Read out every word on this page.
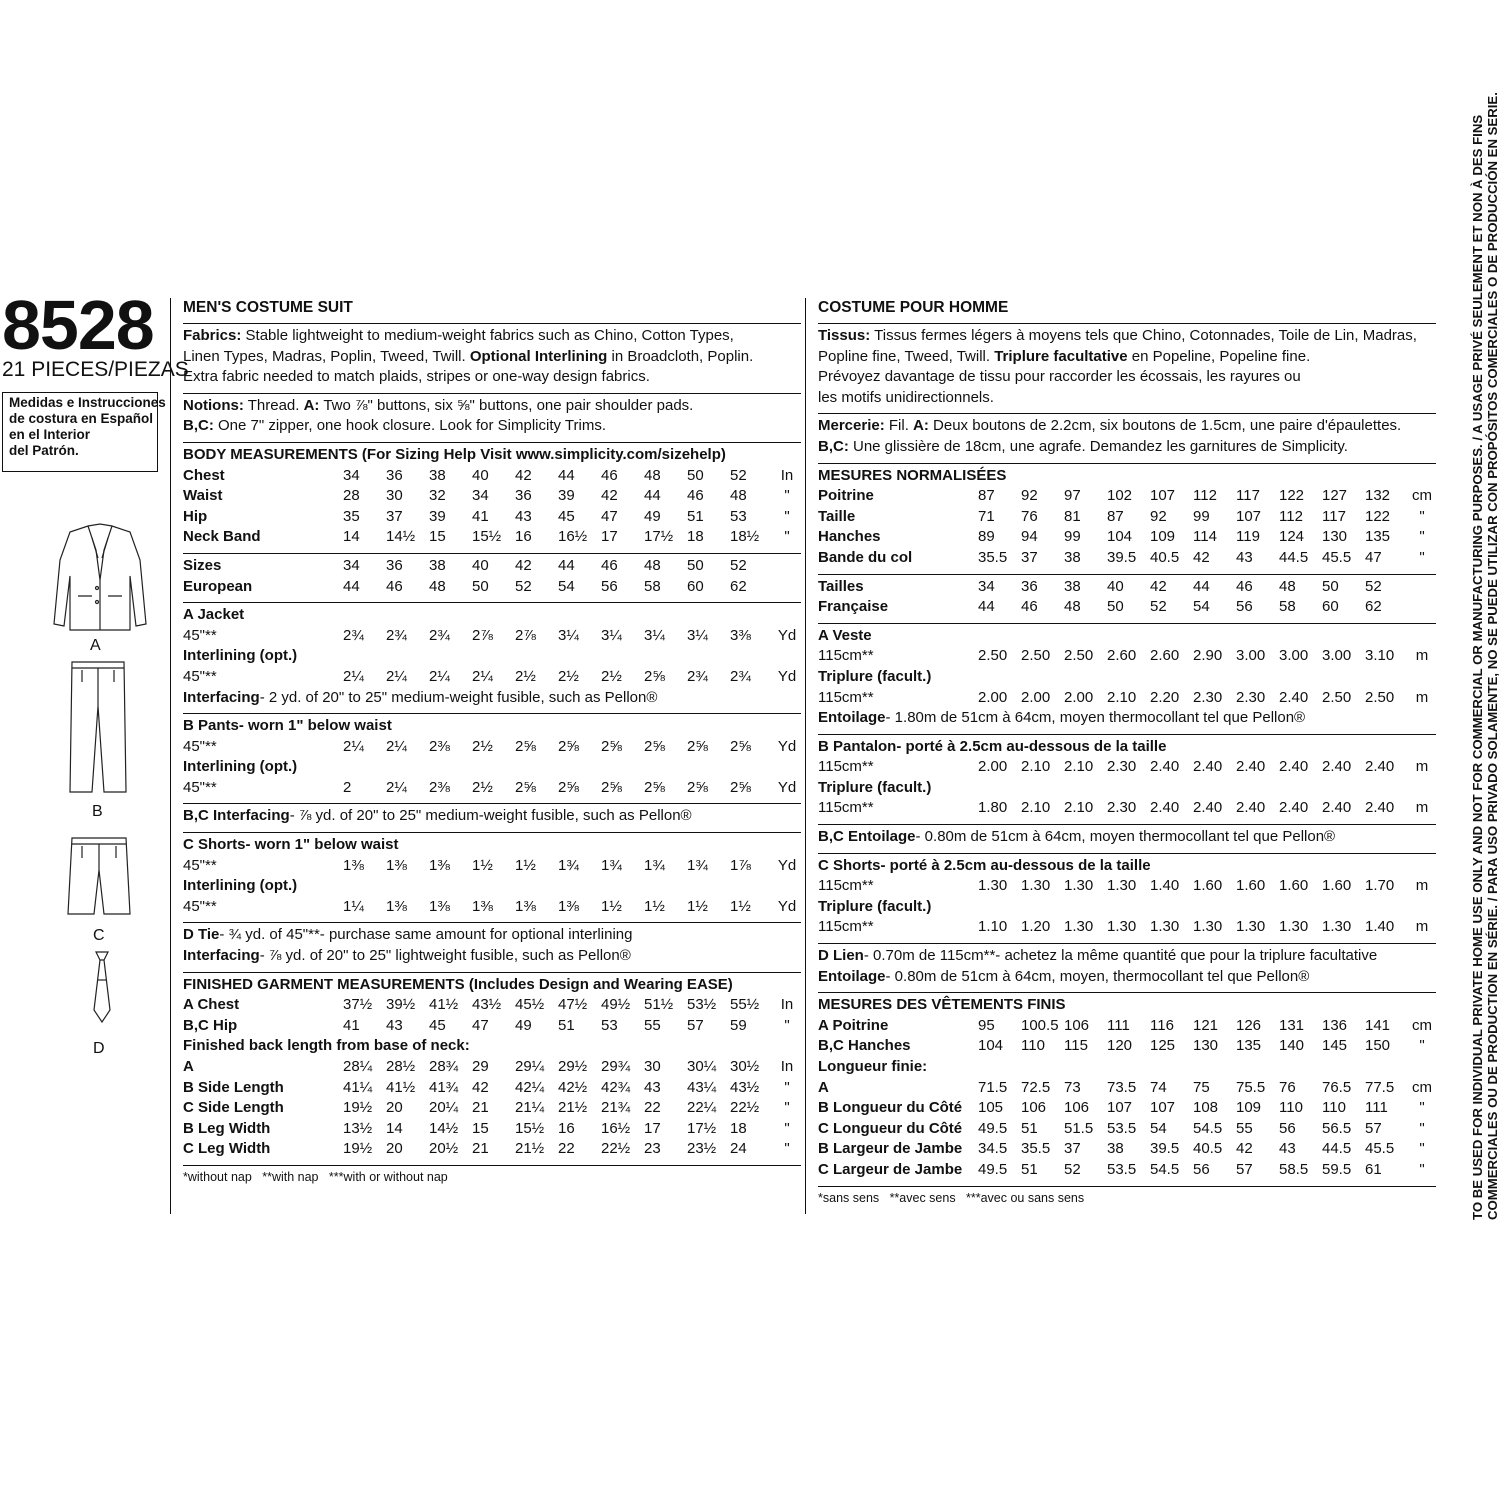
8528
21 PIECES/PIEZAS
Medidas e Instrucciones
de costura en Español
en el Interior
del Patrón.
A
B
C
D
MEN'S COSTUME SUIT
Fabrics: Stable lightweight to medium-weight fabrics such as Chino, Cotton Types,
Linen Types, Madras, Poplin, Tweed, Twill. Optional Interlining in Broadcloth, Poplin.
Extra fabric needed to match plaids, stripes or one-way design fabrics.
Notions: Thread. A: Two ⅞" buttons, six ⅝" buttons, one pair shoulder pads.
B,C: One 7" zipper, one hook closure. Look for Simplicity Trims.
BODY MEASUREMENTS (For Sizing Help Visit www.simplicity.com/sizehelp)
Chest	34	36	38	40	42	44	46	48	50	52	In
Waist	28	30	32	34	36	39	42	44	46	48	"
Hip	35	37	39	41	43	45	47	49	51	53	"
Neck Band	14	14½	15	15½	16	16½	17	17½	18	18½	"
Sizes	34	36	38	40	42	44	46	48	50	52	
European	44	46	48	50	52	54	56	58	60	62	
A Jacket
45"**	2¾	2¾	2¾	2⅞	2⅞	3¼	3¼	3¼	3¼	3⅜	Yd
Interlining (opt.)											
45"**	2¼	2¼	2¼	2¼	2½	2½	2½	2⅝	2¾	2¾	Yd
Interfacing- 2 yd. of 20" to 25" medium-weight fusible, such as Pellon®
B Pants- worn 1" below waist
45"**	2¼	2¼	2⅜	2½	2⅝	2⅝	2⅝	2⅝	2⅝	2⅝	Yd
Interlining (opt.)											
45"**	2	2¼	2⅜	2½	2⅝	2⅝	2⅝	2⅝	2⅝	2⅝	Yd
B,C Interfacing- ⅞ yd. of 20" to 25" medium-weight fusible, such as Pellon®
C Shorts- worn 1" below waist
45"**	1⅜	1⅜	1⅜	1½	1½	1¾	1¾	1¾	1¾	1⅞	Yd
Interlining (opt.)											
45"**	1¼	1⅜	1⅜	1⅜	1⅜	1⅜	1½	1½	1½	1½	Yd
D Tie- ¾ yd. of 45"**- purchase same amount for optional interlining
Interfacing- ⅞ yd. of 20" to 25" lightweight fusible, such as Pellon®
FINISHED GARMENT MEASUREMENTS (Includes Design and Wearing EASE)
A Chest	37½	39½	41½	43½	45½	47½	49½	51½	53½	55½	In
B,C Hip	41	43	45	47	49	51	53	55	57	59	"
Finished back length from base of neck:											
A	28¼	28½	28¾	29	29¼	29½	29¾	30	30¼	30½	In
B Side Length	41¼	41½	41¾	42	42¼	42½	42¾	43	43¼	43½	"
C Side Length	19½	20	20¼	21	21¼	21½	21¾	22	22¼	22½	"
B Leg Width	13½	14	14½	15	15½	16	16½	17	17½	18	"
C Leg Width	19½	20	20½	21	21½	22	22½	23	23½	24	"
*without nap   **with nap   ***with or without nap
COSTUME POUR HOMME
Tissus: Tissus fermes légers à moyens tels que Chino, Cotonnades, Toile de Lin, Madras,
Popline fine, Tweed, Twill. Triplure facultative en Popeline, Popeline fine.
Prévoyez davantage de tissu pour raccorder les écossais, les rayures ou
les motifs unidirectionnels.
Mercerie: Fil. A: Deux boutons de 2.2cm, six boutons de 1.5cm, une paire d'épaulettes.
B,C: Une glissière de 18cm, une agrafe. Demandez les garnitures de Simplicity.
MESURES NORMALISÉES
Poitrine	87	92	97	102	107	112	117	122	127	132	cm
Taille	71	76	81	87	92	99	107	112	117	122	"
Hanches	89	94	99	104	109	114	119	124	130	135	"
Bande du col	35.5	37	38	39.5	40.5	42	43	44.5	45.5	47	"
Tailles	34	36	38	40	42	44	46	48	50	52	
Française	44	46	48	50	52	54	56	58	60	62	
A Veste
115cm**	2.50	2.50	2.50	2.60	2.60	2.90	3.00	3.00	3.00	3.10	m
Triplure (facult.)											
115cm**	2.00	2.00	2.00	2.10	2.20	2.30	2.30	2.40	2.50	2.50	m
Entoilage- 1.80m de 51cm à 64cm, moyen thermocollant tel que Pellon®
B Pantalon- porté à 2.5cm au-dessous de la taille
115cm**	2.00	2.10	2.10	2.30	2.40	2.40	2.40	2.40	2.40	2.40	m
Triplure (facult.)											
115cm**	1.80	2.10	2.10	2.30	2.40	2.40	2.40	2.40	2.40	2.40	m
B,C Entoilage- 0.80m de 51cm à 64cm, moyen thermocollant tel que Pellon®
C Shorts- porté à 2.5cm au-dessous de la taille
115cm**	1.30	1.30	1.30	1.30	1.40	1.60	1.60	1.60	1.60	1.70	m
Triplure (facult.)											
115cm**	1.10	1.20	1.30	1.30	1.30	1.30	1.30	1.30	1.30	1.40	m
D Lien- 0.70m de 115cm**- achetez la même quantité que pour la triplure facultative
Entoilage- 0.80m de 51cm à 64cm, moyen, thermocollant tel que Pellon®
MESURES DES VÊTEMENTS FINIS
A Poitrine	95	100.5	106	111	116	121	126	131	136	141	cm
B,C Hanches	104	110	115	120	125	130	135	140	145	150	"
Longueur finie:											
A	71.5	72.5	73	73.5	74	75	75.5	76	76.5	77.5	cm
B Longueur du Côté	105	106	106	107	107	108	109	110	110	111	"
C Longueur du Côté	49.5	51	51.5	53.5	54	54.5	55	56	56.5	57	"
B Largeur de Jambe	34.5	35.5	37	38	39.5	40.5	42	43	44.5	45.5	"
C Largeur de Jambe	49.5	51	52	53.5	54.5	56	57	58.5	59.5	61	"
*sans sens   **avec sens   ***avec ou sans sens	TO BE USED FOR INDIVIDUAL PRIVATE HOME USE ONLY AND NOT FOR COMMERCIAL OR MANUFACTURING PURPOSES. / A USAGE PRIVÉ SEULEMENT ET NON À DES FINS COMMERCIALES OU DE PRODUCTION EN SÉRIE. / PARA USO PRIVADO SOLAMENTE, NO SE PUEDE UTILIZAR CON PROPÓSITOS COMERCIALES O DE PRODUCCIÓN EN SERIE.
